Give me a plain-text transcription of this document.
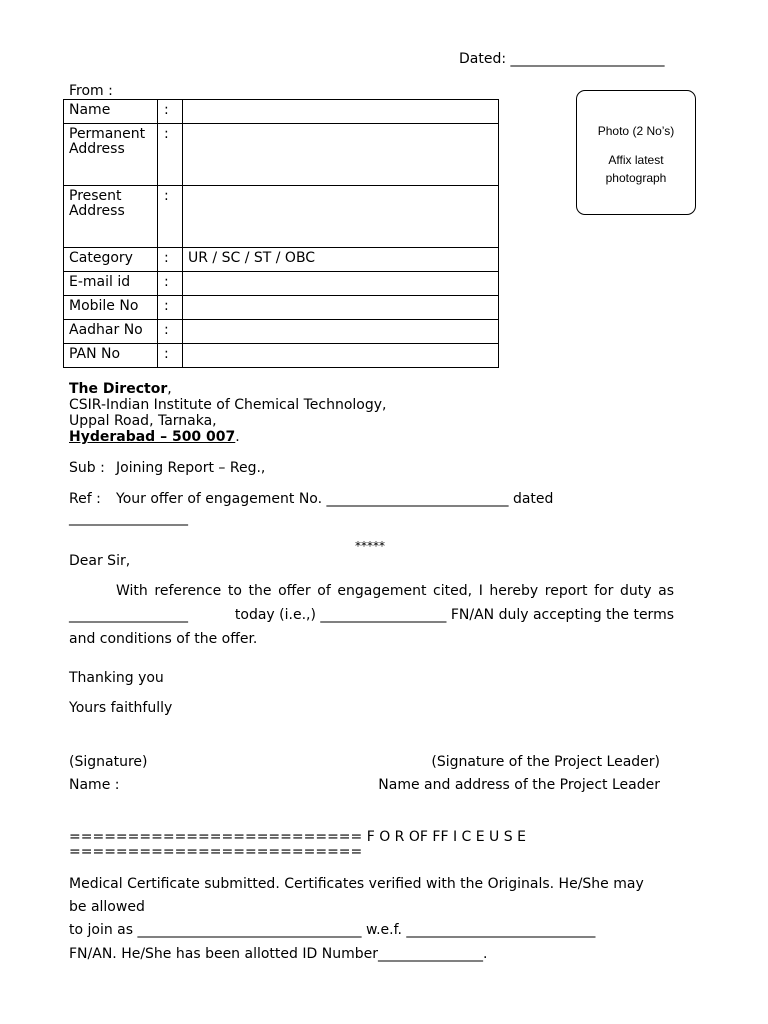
Dated: ______________________
From :
Name	:	
Permanent Address	:	
Present Address	:	
Category	:	UR / SC / ST / OBC
E-mail id	:	
Mobile No	:	
Aadhar No	:	
PAN No	:	
Photo (2 No’s)
Affix latest photograph
The Director,
CSIR-Indian Institute of Chemical Technology,
Uppal Road, Tarnaka,
Hyderabad – 500 007.
Sub : Joining Report – Reg.,
Ref : Your offer of engagement No. __________________________ dated
_________________
*****
Dear Sir,
With reference to the offer of engagement cited, I hereby report for duty as
_________________	today (i.e.,) __________________ FN/AN duly accepting the terms
and conditions of the offer.
Thanking you
Yours faithfully
(Signature)
Name :
(Signature of the Project Leader)
Name and address of the Project Leader
========================= F O R OF FF I C E U S E
=========================
Medical Certificate submitted. Certificates verified with the Originals. He/She may
be allowed
to join as ________________________________ w.e.f. ___________________________
FN/AN. He/She has been allotted ID Number_______________.
